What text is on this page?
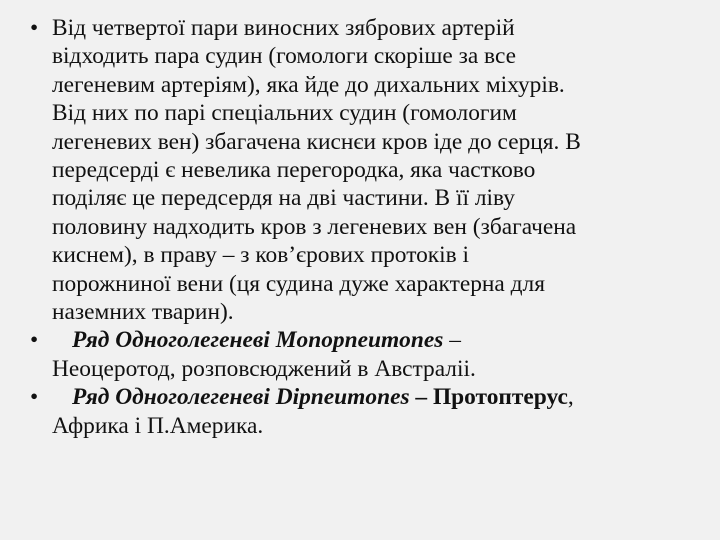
• Від четвертої пари виносних зябрових артерій
відходить пара судин (гомологи скоріше за все
легеневим артеріям), яка йде до дихальних міхурів.
Від них по парі спеціальних судин (гомологим
легеневих вен) збагачена киснєи кров іде до серця. В
передсерді є невелика перегородка, яка частково
поділяє це передсердя на дві частини. В її ліву
половину надходить кров з легеневих вен (збагачена
киснем), в праву – з ков’єрових протоків і
порожниної вени (ця судина дуже характерна для
наземних тварин).
•	Ряд Одноголегеневі Monopneumones –
Неоцеротод, розповсюджений в Австраліі.
•	Ряд Одноголегеневі Dipneumones – Протоптерус,
Африка і П.Америка.
